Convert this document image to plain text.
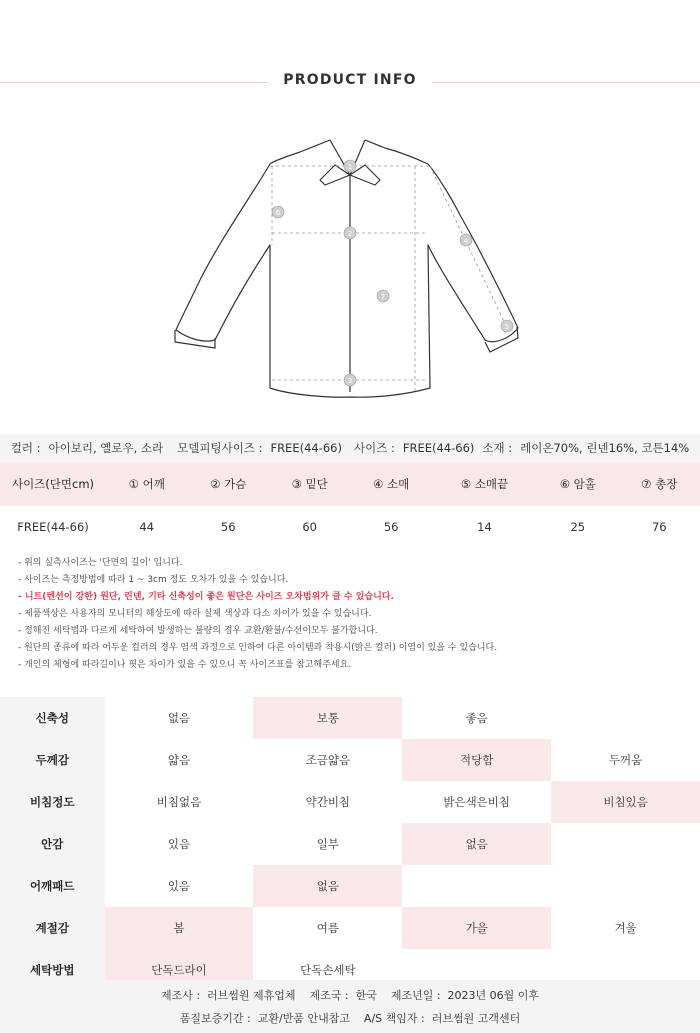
PRODUCT INFO
1
2
3
4
5
6
7
컬러 : 아이보리, 옐로우, 소라 모델피팅사이즈 : FREE(44-66) 사이즈 : FREE(44-66) 소재 : 레이온70%, 린넨16%, 코튼14%
사이즈(단면cm)	① 어깨	② 가슴	③ 밑단	④ 소매	⑤ 소매끝	⑥ 암홀	⑦ 총장
FREE(44-66)	44	56	60	56	14	25	76
- 위의 실측사이즈는 '단면의 길이' 입니다.
- 사이즈는 측정방법에 따라 1 ~ 3cm 정도 오차가 있을 수 있습니다.
- 니트(텐션이 강한) 원단, 린넨, 기타 신축성이 좋은 원단은 사이즈 오차범위가 클 수 있습니다.
- 제품색상은 사용자의 모니터의 해상도에 따라 실제 색상과 다소 차이가 있을 수 있습니다.
- 정해진 세탁법과 다르게 세탁하여 발생하는 불량의 경우 교환/환불/수선이모두 불가합니다.
- 원단의 종류에 따라 어두운 컬러의 경우 염색 과정으로 인하여 다른 아이템과 착용시(밝은 컬러) 이염이 있을 수 있습니다.
- 개인의 체형에 따라길이나 핏은 차이가 있을 수 있으니 꼭 사이즈표를 참고해주세요.
신축성	없음	보통	좋음	
두께감	얇음	조금얇음	적당함	두꺼움
비침정도	비침없음	약간비침	밝은색은비침	비침있음
안감	있음	일부	없음	
어깨패드	있음	없음		
계절감	봄	여름	가을	겨울
세탁방법	단독드라이	단독손세탁		
제조사 :  러브썸원 제휴업체    제조국 :  한국    제조년일 :  2023년 06월 이후
품질보증기간 :  교환/반품 안내참고    A/S 책임자 :  러브썸원 고객센터
